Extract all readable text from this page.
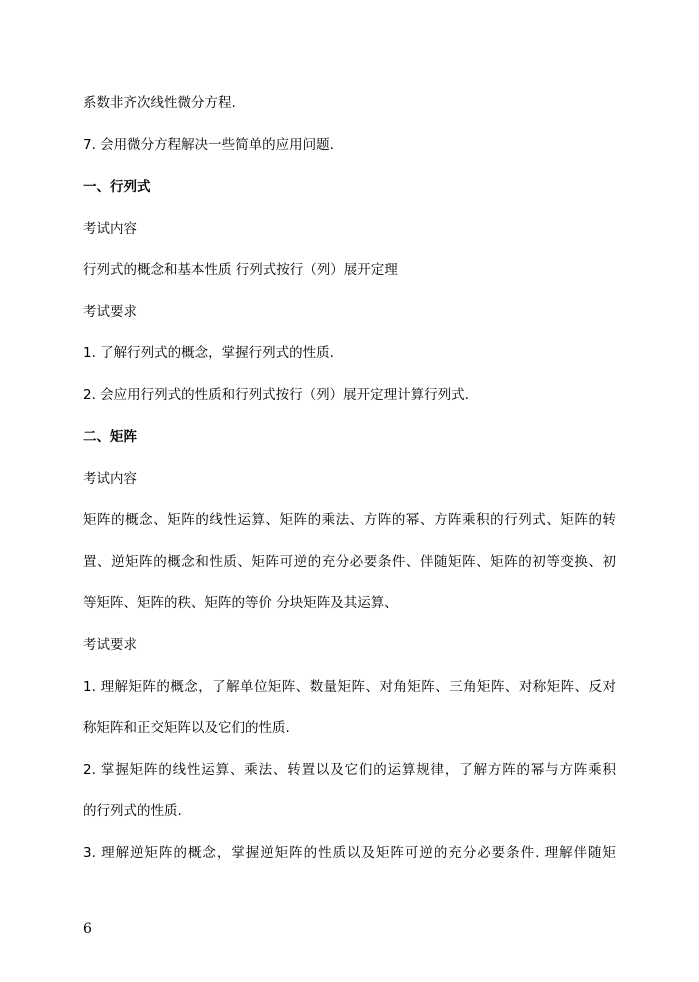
系数非齐次线性微分方程.
7. 会用微分方程解决一些简单的应用问题.
一、行列式
考试内容
行列式的概念和基本性质 行列式按行（列）展开定理
考试要求
1. 了解行列式的概念，掌握行列式的性质.
2. 会应用行列式的性质和行列式按行（列）展开定理计算行列式.
二、矩阵
考试内容
矩阵的概念、矩阵的线性运算、矩阵的乘法、方阵的幂、方阵乘积的行列式、矩阵的转
置、逆矩阵的概念和性质、矩阵可逆的充分必要条件、伴随矩阵、矩阵的初等变换、初
等矩阵、矩阵的秩、矩阵的等价 分块矩阵及其运算、
考试要求
1. 理解矩阵的概念，了解单位矩阵、数量矩阵、对角矩阵、三角矩阵、对称矩阵、反对
称矩阵和正交矩阵以及它们的性质.
2. 掌握矩阵的线性运算、乘法、转置以及它们的运算规律，了解方阵的幂与方阵乘积
的行列式的性质.
3. 理解逆矩阵的概念，掌握逆矩阵的性质以及矩阵可逆的充分必要条件. 理解伴随矩
6
